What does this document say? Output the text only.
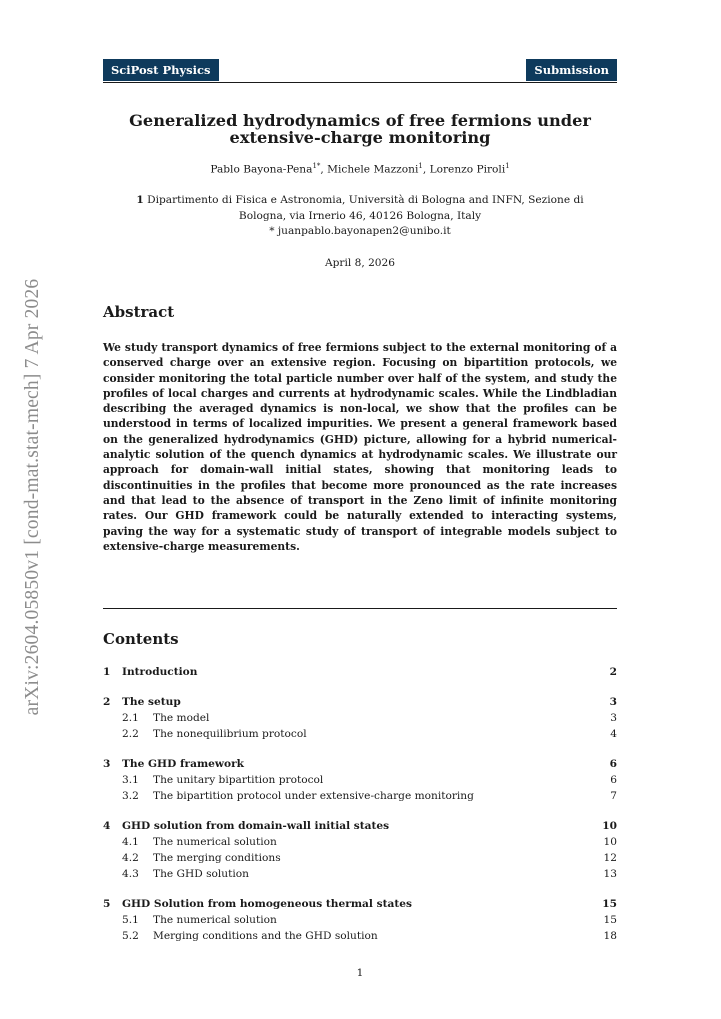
arXiv:2604.05850v1 [cond-mat.stat-mech] 7 Apr 2026
SciPost Physics	Submission
Generalized hydrodynamics of free fermions under
extensive-charge monitoring
Pablo Bayona-Pena$^{1*}$, Michele Mazzoni$^1$, Lorenzo Piroli$^1$
1 Dipartimento di Fisica e Astronomia, Università di Bologna and INFN, Sezione di
Bologna, via Irnerio 46, 40126 Bologna, Italy
* juanpablo.bayonapen2@unibo.it
April 8, 2026
Abstract

We study transport dynamics of free fermions subject to the external monitoring of a conserved charge over an extensive region. Focusing on bipartition protocols, we consider monitoring the total particle number over half of the system, and study the profiles of local charges and currents at hydrodynamic scales. While the Lindbladian describing the averaged dynamics is non-local, we show that the profiles can be understood in terms of localized impurities. We present a general framework based on the generalized hydrodynamics (GHD) picture, allowing for a hybrid numerical-analytic solution of the quench dynamics at hydrodynamic scales. We illustrate our approach for domain-wall initial states, showing that monitoring leads to discontinuities in the profiles that become more pronounced as the rate increases and that lead to the absence of transport in the Zeno limit of infinite monitoring rates. Our GHD framework could be naturally extended to interacting systems, paving the way for a systematic study of transport of integrable models subject to extensive-charge measurements.

Contents
1 Introduction	2
2 The setup	3
2.1 The model	3
2.2 The nonequilibrium protocol	4
3 The GHD framework	6
3.1 The unitary bipartition protocol	6
3.2 The bipartition protocol under extensive-charge monitoring	7
4 GHD solution from domain-wall initial states	10
4.1 The numerical solution	10
4.2 The merging conditions	12
4.3 The GHD solution	13
5 GHD Solution from homogeneous thermal states	15
5.1 The numerical solution	15
5.2 Merging conditions and the GHD solution	18
1
